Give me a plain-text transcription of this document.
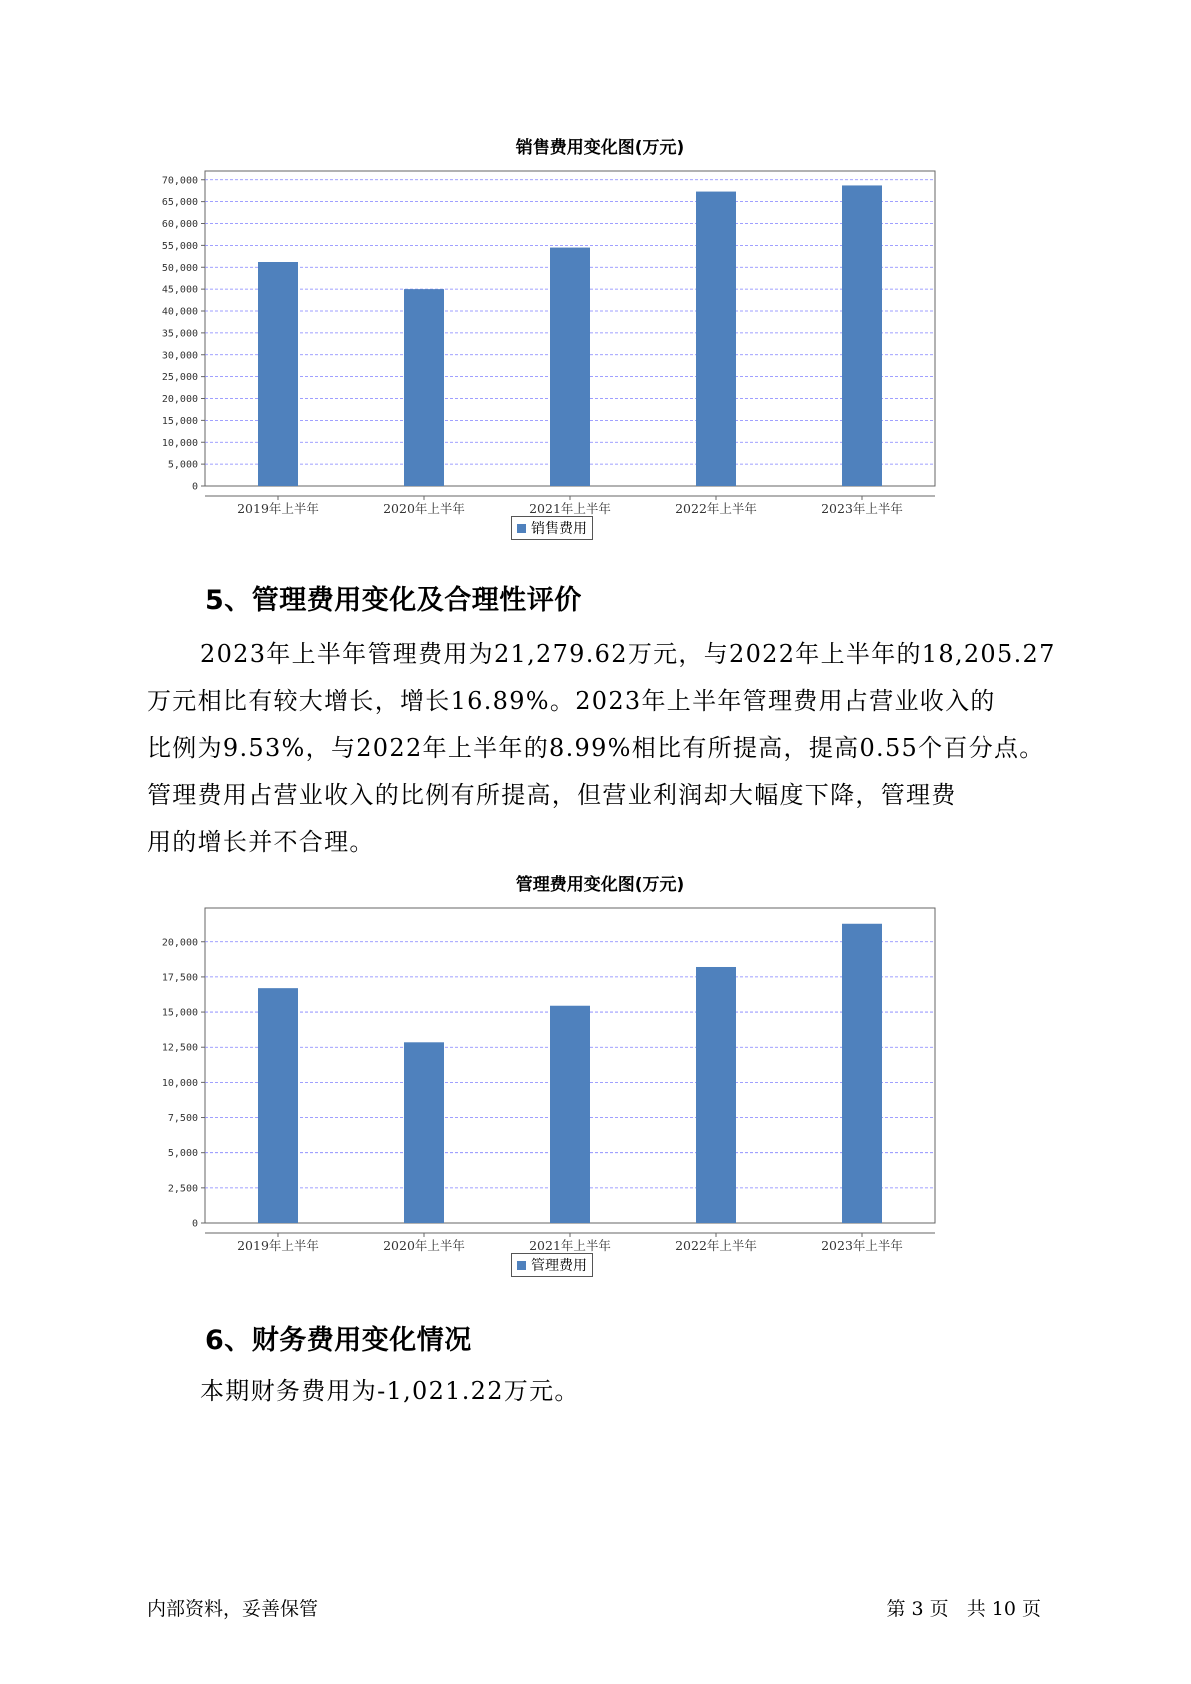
销售费用变化图(万元)
0
5,000
10,000
15,000
20,000
25,000
30,000
35,000
40,000
45,000
50,000
55,000
60,000
65,000
70,000
2019年上半年	2020年上半年	2021年上半年	2022年上半年	2023年上半年
销售费用
5、管理费用变化及合理性评价
2023年上半年管理费用为21,279.62万元，与2022年上半年的18,205.27
万元相比有较大增长，增长16.89%。2023年上半年管理费用占营业收入的
比例为9.53%，与2022年上半年的8.99%相比有所提高，提高0.55个百分点。
管理费用占营业收入的比例有所提高，但营业利润却大幅度下降，管理费
用的增长并不合理。
管理费用变化图(万元)
0
2,500
5,000
7,500
10,000
12,500
15,000
17,500
20,000
2019年上半年	2020年上半年	2021年上半年	2022年上半年	2023年上半年
管理费用
6、财务费用变化情况
本期财务费用为-1,021.22万元。
内部资料，妥善保管	第 3 页   共 10 页
